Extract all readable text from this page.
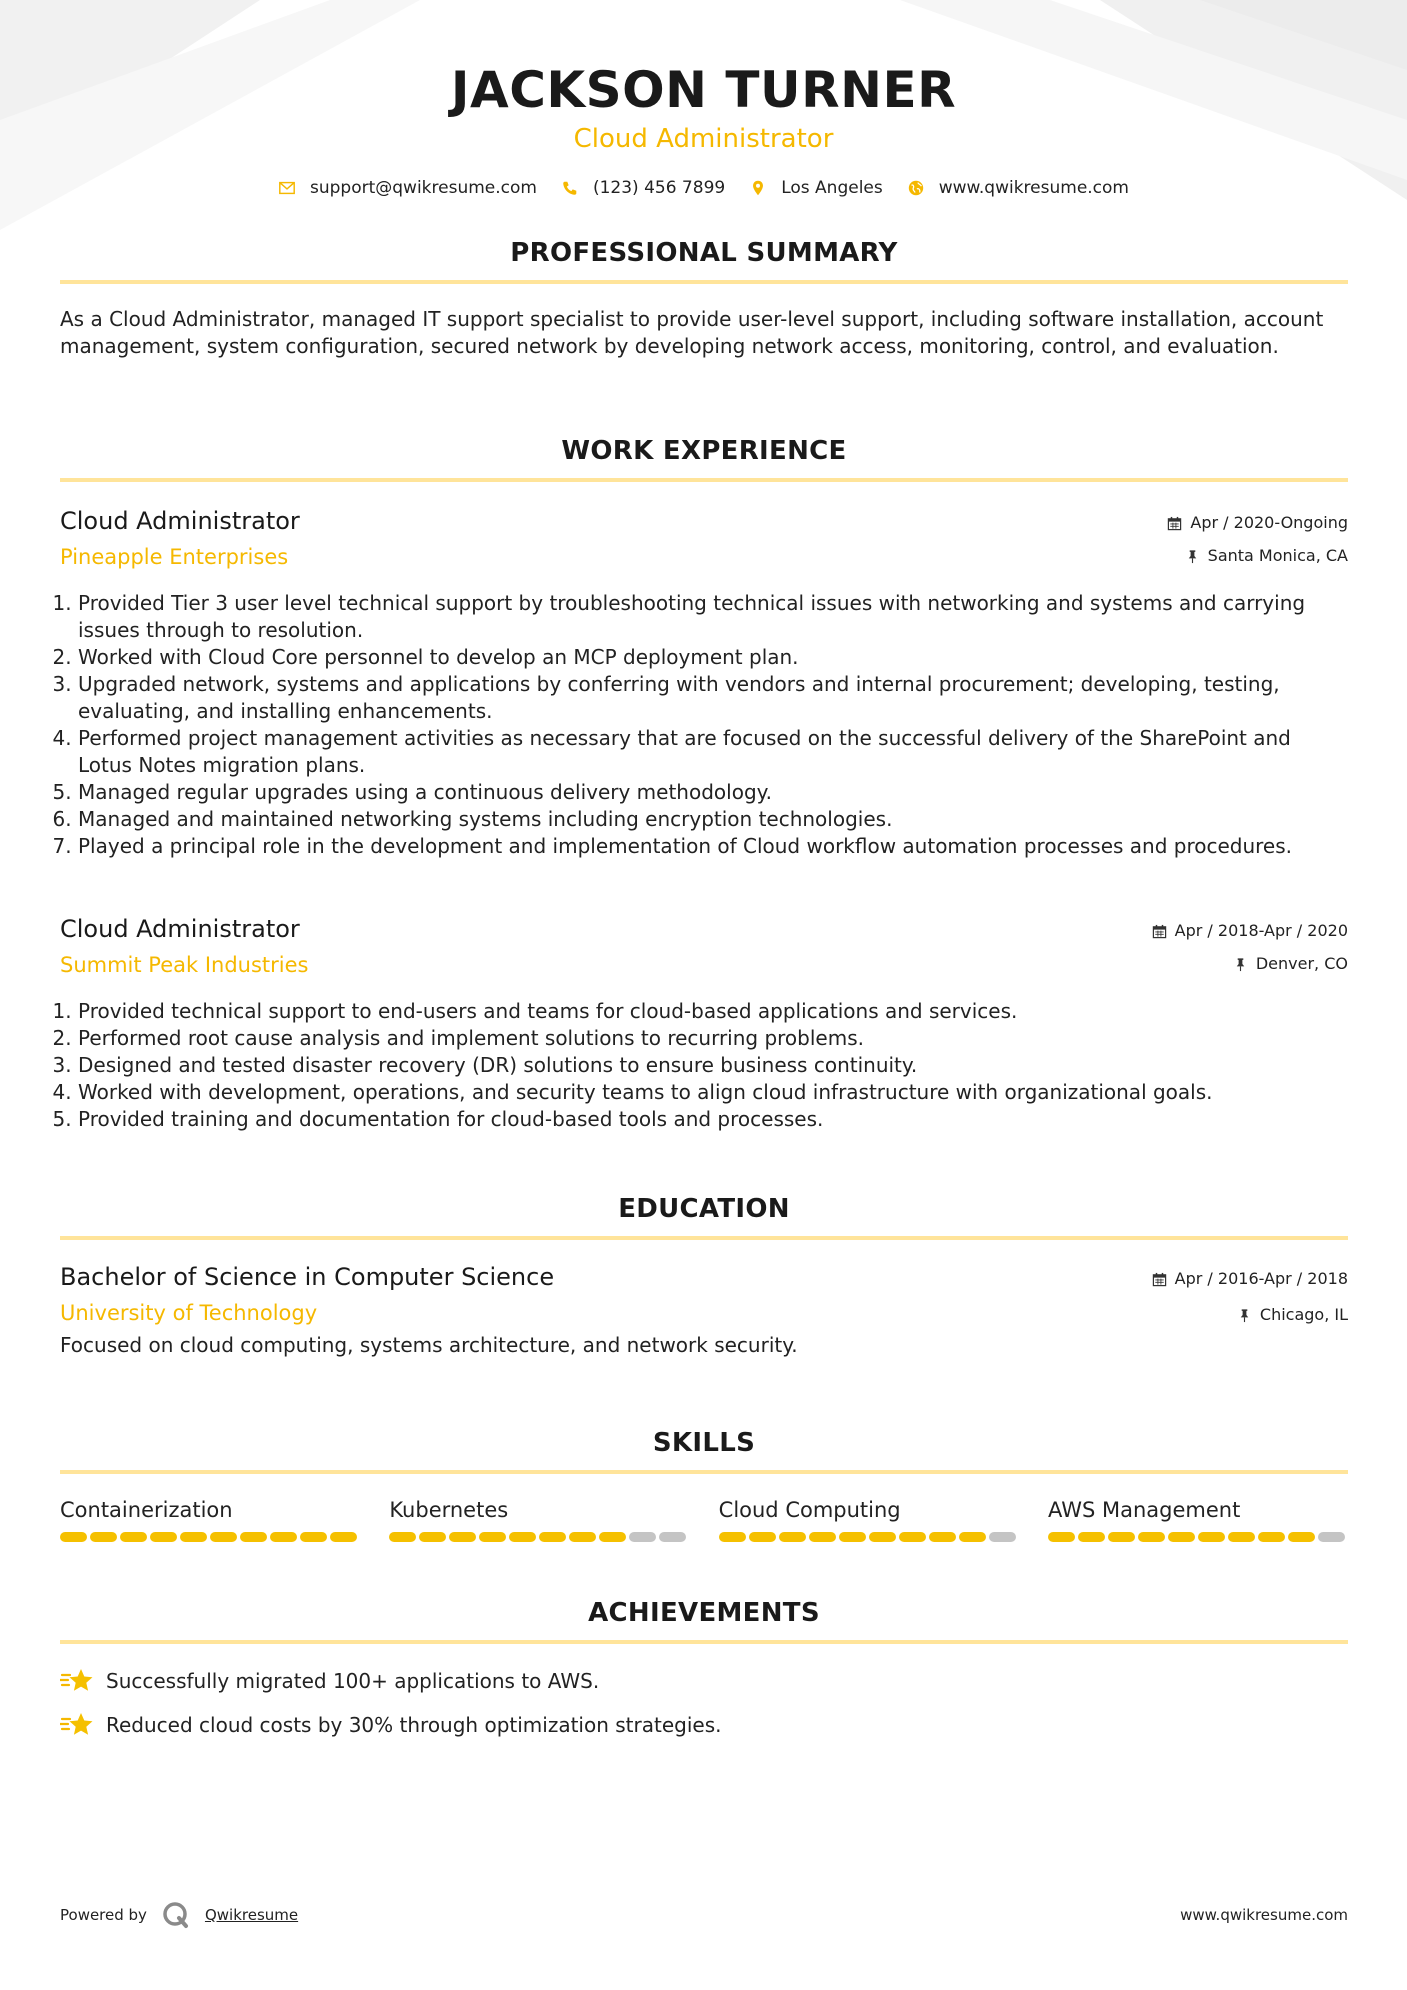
JACKSON TURNER
Cloud Administrator
support@qwikresume.com	(123) 456 7899	Los Angeles	www.qwikresume.com
PROFESSIONAL SUMMARY
As a Cloud Administrator, managed IT support specialist to provide user-level support, including software installation, account management, system configuration, secured network by developing network access, monitoring, control, and evaluation.
WORK EXPERIENCE
Cloud Administrator
Pineapple Enterprises
Apr / 2020-Ongoing
Santa Monica, CA
1. Provided Tier 3 user level technical support by troubleshooting technical issues with networking and systems and carrying issues through to resolution.
2. Worked with Cloud Core personnel to develop an MCP deployment plan.
3. Upgraded network, systems and applications by conferring with vendors and internal procurement; developing, testing, evaluating, and installing enhancements.
4. Performed project management activities as necessary that are focused on the successful delivery of the SharePoint and Lotus Notes migration plans.
5. Managed regular upgrades using a continuous delivery methodology.
6. Managed and maintained networking systems including encryption technologies.
7. Played a principal role in the development and implementation of Cloud workflow automation processes and procedures.
Cloud Administrator
Summit Peak Industries
Apr / 2018-Apr / 2020
Denver, CO
1. Provided technical support to end-users and teams for cloud-based applications and services.
2. Performed root cause analysis and implement solutions to recurring problems.
3. Designed and tested disaster recovery (DR) solutions to ensure business continuity.
4. Worked with development, operations, and security teams to align cloud infrastructure with organizational goals.
5. Provided training and documentation for cloud-based tools and processes.
EDUCATION
Bachelor of Science in Computer Science
University of Technology
Apr / 2016-Apr / 2018
Chicago, IL
Focused on cloud computing, systems architecture, and network security.
SKILLS
Containerization	Kubernetes	Cloud Computing	AWS Management
ACHIEVEMENTS
Successfully migrated 100+ applications to AWS.
Reduced cloud costs by 30% through optimization strategies.
Powered by	Qwikresume	www.qwikresume.com
